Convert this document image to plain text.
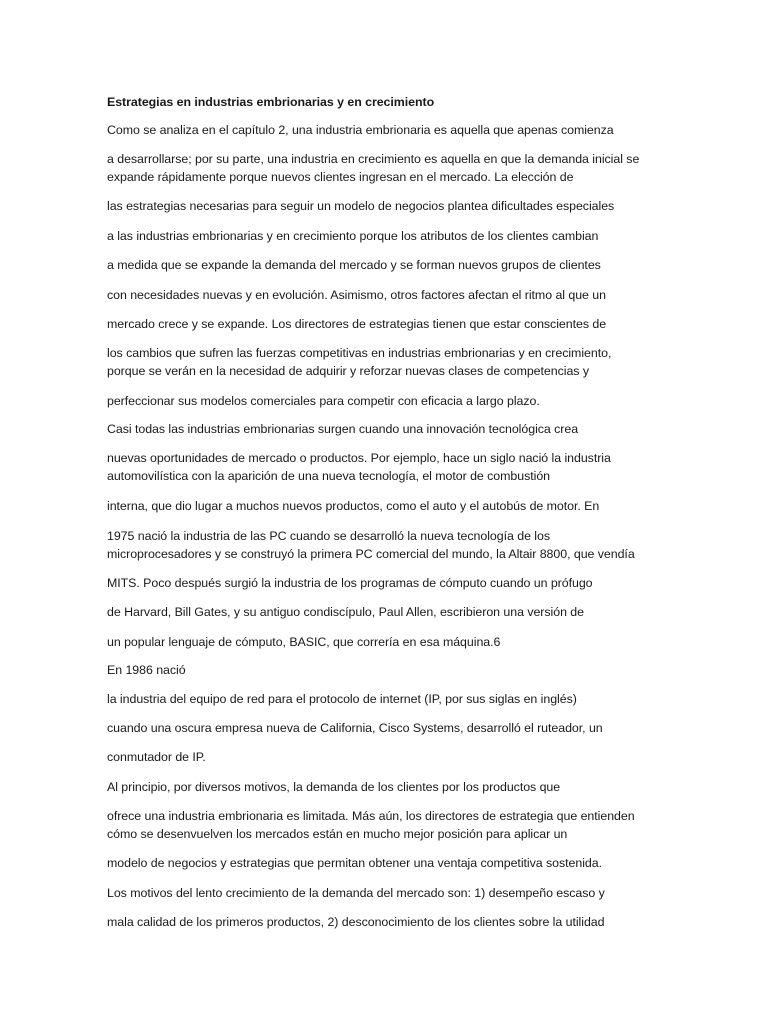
Estrategias en industrias embrionarias y en crecimiento
Como se analiza en el capítulo 2, una industria embrionaria es aquella que apenas comienza
a desarrollarse; por su parte, una industria en crecimiento es aquella en que la demanda inicial se
expande rápidamente porque nuevos clientes ingresan en el mercado. La elección de
las estrategias necesarias para seguir un modelo de negocios plantea dificultades especiales
a las industrias embrionarias y en crecimiento porque los atributos de los clientes cambian
a medida que se expande la demanda del mercado y se forman nuevos grupos de clientes
con necesidades nuevas y en evolución. Asimismo, otros factores afectan el ritmo al que un
mercado crece y se expande. Los directores de estrategias tienen que estar conscientes de
los cambios que sufren las fuerzas competitivas en industrias embrionarias y en crecimiento,
porque se verán en la necesidad de adquirir y reforzar nuevas clases de competencias y
perfeccionar sus modelos comerciales para competir con eficacia a largo plazo.
Casi todas las industrias embrionarias surgen cuando una innovación tecnológica crea
nuevas oportunidades de mercado o productos. Por ejemplo, hace un siglo nació la industria
automovilística con la aparición de una nueva tecnología, el motor de combustión
interna, que dio lugar a muchos nuevos productos, como el auto y el autobús de motor. En
1975 nació la industria de las PC cuando se desarrolló la nueva tecnología de los
microprocesadores y se construyó la primera PC comercial del mundo, la Altair 8800, que vendía
MITS. Poco después surgió la industria de los programas de cómputo cuando un prófugo
de Harvard, Bill Gates, y su antiguo condiscípulo, Paul Allen, escribieron una versión de
un popular lenguaje de cómputo, BASIC, que correría en esa máquina.6
En 1986 nació
la industria del equipo de red para el protocolo de internet (IP, por sus siglas en inglés)
cuando una oscura empresa nueva de California, Cisco Systems, desarrolló el ruteador, un
conmutador de IP.
Al principio, por diversos motivos, la demanda de los clientes por los productos que
ofrece una industria embrionaria es limitada. Más aún, los directores de estrategia que entienden
cómo se desenvuelven los mercados están en mucho mejor posición para aplicar un
modelo de negocios y estrategias que permitan obtener una ventaja competitiva sostenida.
Los motivos del lento crecimiento de la demanda del mercado son: 1) desempeño escaso y
mala calidad de los primeros productos, 2) desconocimiento de los clientes sobre la utilidad
